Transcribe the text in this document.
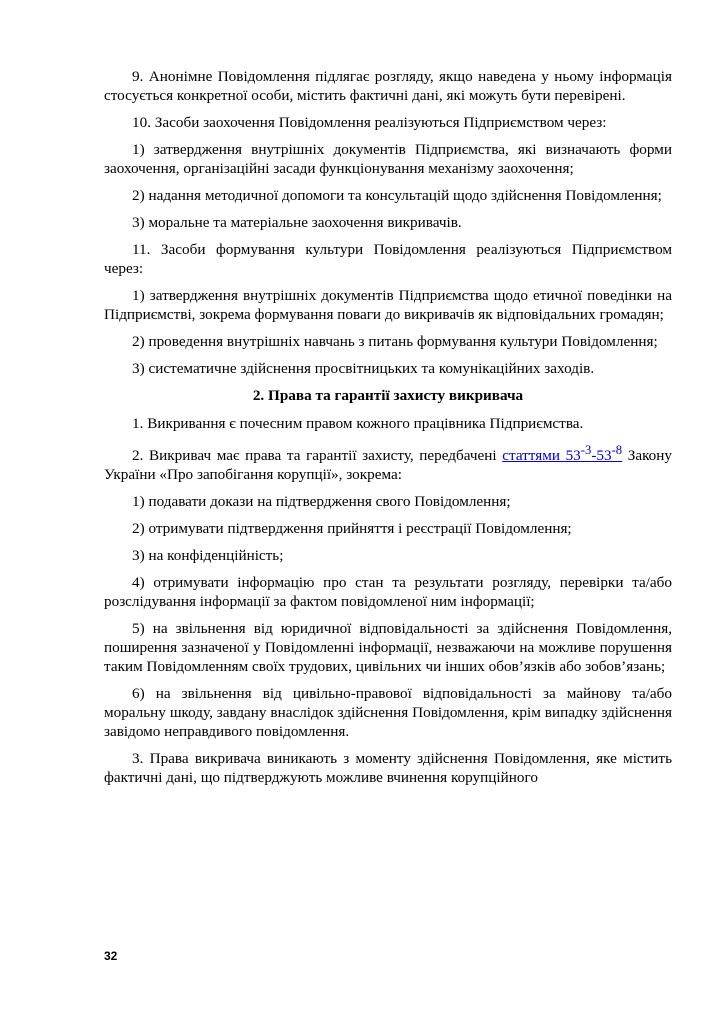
9. Анонімне Повідомлення підлягає розгляду, якщо наведена у ньому інформація стосується конкретної особи, містить фактичні дані, які можуть бути перевірені.

10. Засоби заохочення Повідомлення реалізуються Підприємством через:

1) затвердження внутрішніх документів Підприємства, які визначають форми заохочення, організаційні засади функціонування механізму заохочення;

2) надання методичної допомоги та консультацій щодо здійснення Повідомлення;

3) моральне та матеріальне заохочення викривачів.

11. Засоби формування культури Повідомлення реалізуються Підприємством через:

1) затвердження внутрішніх документів Підприємства щодо етичної поведінки на Підприємстві, зокрема формування поваги до викривачів як відповідальних громадян;

2) проведення внутрішніх навчань з питань формування культури Повідомлення;

3) систематичне здійснення просвітницьких та комунікаційних заходів.

2. Права та гарантії захисту викривача

1. Викривання є почесним правом кожного працівника Підприємства.

2. Викривач має права та гарантії захисту, передбачені статтями $53^{-3}-53^{-8}$ Закону України «Про запобігання корупції», зокрема:

1) подавати докази на підтвердження свого Повідомлення;

2) отримувати підтвердження прийняття і реєстрації Повідомлення;

3) на конфіденційність;

4) отримувати інформацію про стан та результати розгляду, перевірки та/або розслідування інформації за фактом повідомленої ним інформації;

5) на звільнення від юридичної відповідальності за здійснення Повідомлення, поширення зазначеної у Повідомленні інформації, незважаючи на можливе порушення таким Повідомленням своїх трудових, цивільних чи інших обов’язків або зобов’язань;

6) на звільнення від цивільно-правової відповідальності за майнову та/або моральну шкоду, завдану внаслідок здійснення Повідомлення, крім випадку здійснення завідомо неправдивого повідомлення.

3. Права викривача виникають з моменту здійснення Повідомлення, яке містить фактичні дані, що підтверджують можливе вчинення корупційного

32
